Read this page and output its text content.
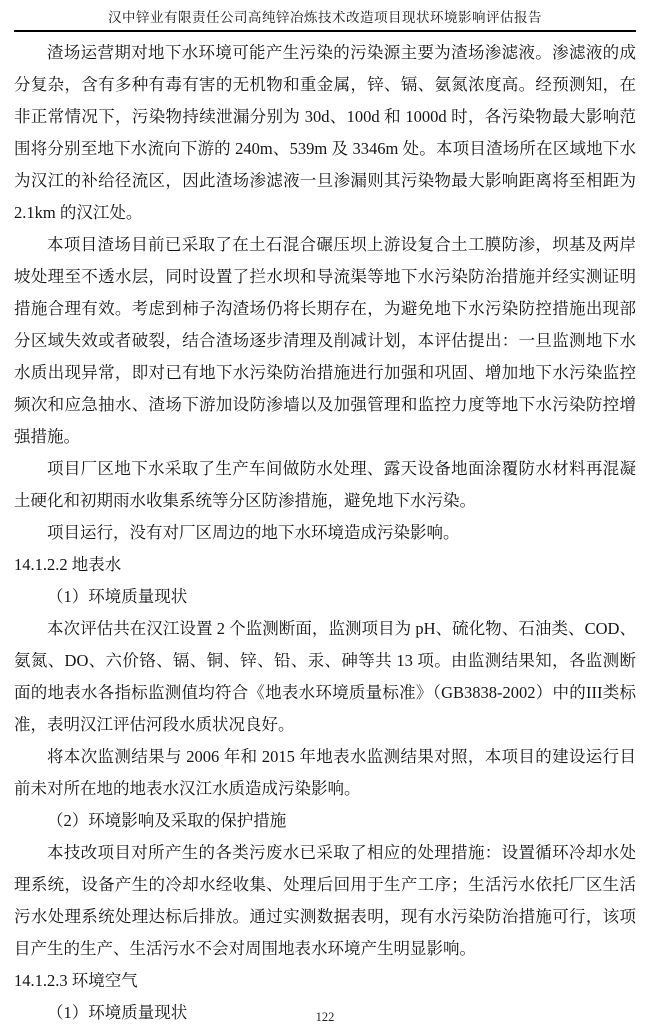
汉中锌业有限责任公司高纯锌冶炼技术改造项目现状环境影响评估报告

渣场运营期对地下水环境可能产生污染的污染源主要为渣场渗滤液。渗滤液的成分复杂，含有多种有毒有害的无机物和重金属，锌、镉、氨氮浓度高。经预测知，在非正常情况下，污染物持续泄漏分别为 30d、100d 和 1000d 时，各污染物最大影响范围将分别至地下水流向下游的 240m、539m 及 3346m 处。本项目渣场所在区域地下水为汉江的补给径流区，因此渣场渗滤液一旦渗漏则其污染物最大影响距离将至相距为 2.1km 的汉江处。

本项目渣场目前已采取了在土石混合碾压坝上游设复合土工膜防渗，坝基及两岸坡处理至不透水层，同时设置了拦水坝和导流渠等地下水污染防治措施并经实测证明措施合理有效。考虑到柿子沟渣场仍将长期存在，为避免地下水污染防控措施出现部分区域失效或者破裂，结合渣场逐步清理及削减计划，本评估提出：一旦监测地下水水质出现异常，即对已有地下水污染防治措施进行加强和巩固、增加地下水污染监控频次和应急抽水、渣场下游加设防渗墙以及加强管理和监控力度等地下水污染防控增强措施。

项目厂区地下水采取了生产车间做防水处理、露天设备地面涂覆防水材料再混凝土硬化和初期雨水收集系统等分区防渗措施，避免地下水污染。

项目运行，没有对厂区周边的地下水环境造成污染影响。

14.1.2.2 地表水

（1）环境质量现状

本次评估共在汉江设置 2 个监测断面，监测项目为 pH、硫化物、石油类、COD、氨氮、DO、六价铬、镉、铜、锌、铅、汞、砷等共 13 项。由监测结果知，各监测断面的地表水各指标监测值均符合《地表水环境质量标准》（GB3838-2002）中的III类标准，表明汉江评估河段水质状况良好。

将本次监测结果与 2006 年和 2015 年地表水监测结果对照，本项目的建设运行目前未对所在地的地表水汉江水质造成污染影响。

（2）环境影响及采取的保护措施

本技改项目对所产生的各类污废水已采取了相应的处理措施：设置循环冷却水处理系统，设备产生的冷却水经收集、处理后回用于生产工序；生活污水依托厂区生活污水处理系统处理达标后排放。通过实测数据表明，现有水污染防治措施可行，该项目产生的生产、生活污水不会对周围地表水环境产生明显影响。

14.1.2.3 环境空气

（1）环境质量现状	122
